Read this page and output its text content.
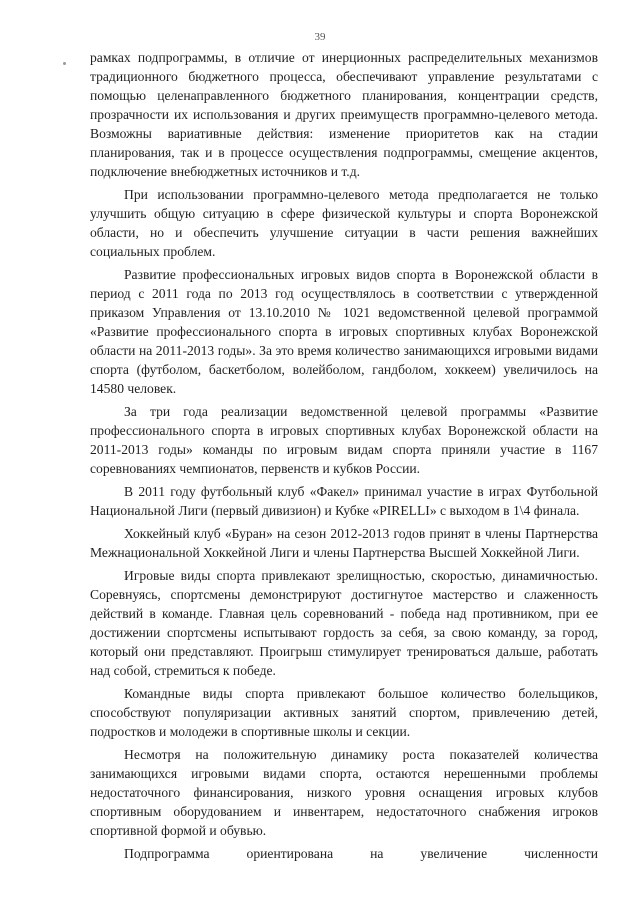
39

рамках подпрограммы, в отличие от инерционных распределительных механизмов традиционного бюджетного процесса, обеспечивают управление результатами с помощью целенаправленного бюджетного планирования, концентрации средств, прозрачности их использования и других преимуществ программно-целевого метода. Возможны вариативные действия: изменение приоритетов как на стадии планирования, так и в процессе осуществления подпрограммы, смещение акцентов, подключение внебюджетных источников и т.д.

При использовании программно-целевого метода предполагается не только улучшить общую ситуацию в сфере физической культуры и спорта Воронежской области, но и обеспечить улучшение ситуации в части решения важнейших социальных проблем.

Развитие профессиональных игровых видов спорта в Воронежской области в период с 2011 года по 2013 год осуществлялось в соответствии с утвержденной приказом Управления от 13.10.2010 № 1021 ведомственной целевой программой «Развитие профессионального спорта в игровых спортивных клубах Воронежской области на 2011-2013 годы». За это время количество занимающихся игровыми видами спорта (футболом, баскетболом, волейболом, гандболом, хоккеем) увеличилось на 14580 человек.

За три года реализации ведомственной целевой программы «Развитие профессионального спорта в игровых спортивных клубах Воронежской области на 2011-2013 годы» команды по игровым видам спорта приняли участие в 1167 соревнованиях чемпионатов, первенств и кубков России.

В 2011 году футбольный клуб «Факел» принимал участие в играх Футбольной Национальной Лиги (первый дивизион) и Кубке «PIRELLI» с выходом в 1\4 финала.

Хоккейный клуб «Буран» на сезон 2012-2013 годов принят в члены Партнерства Межнациональной Хоккейной Лиги и члены Партнерства Высшей Хоккейной Лиги.

Игровые виды спорта привлекают зрелищностью, скоростью, динамичностью. Соревнуясь, спортсмены демонстрируют достигнутое мастерство и слаженность действий в команде. Главная цель соревнований - победа над противником, при ее достижении спортсмены испытывают гордость за себя, за свою команду, за город, который они представляют. Проигрыш стимулирует тренироваться дальше, работать над собой, стремиться к победе.

Командные виды спорта привлекают большое количество болельщиков, способствуют популяризации активных занятий спортом, привлечению детей, подростков и молодежи в спортивные школы и секции.

Несмотря на положительную динамику роста показателей количества занимающихся игровыми видами спорта, остаются нерешенными проблемы недостаточного финансирования, низкого уровня оснащения игровых клубов спортивным оборудованием и инвентарем, недостаточного снабжения игроков спортивной формой и обувью.

Подпрограмма ориентирована на увеличение численности
